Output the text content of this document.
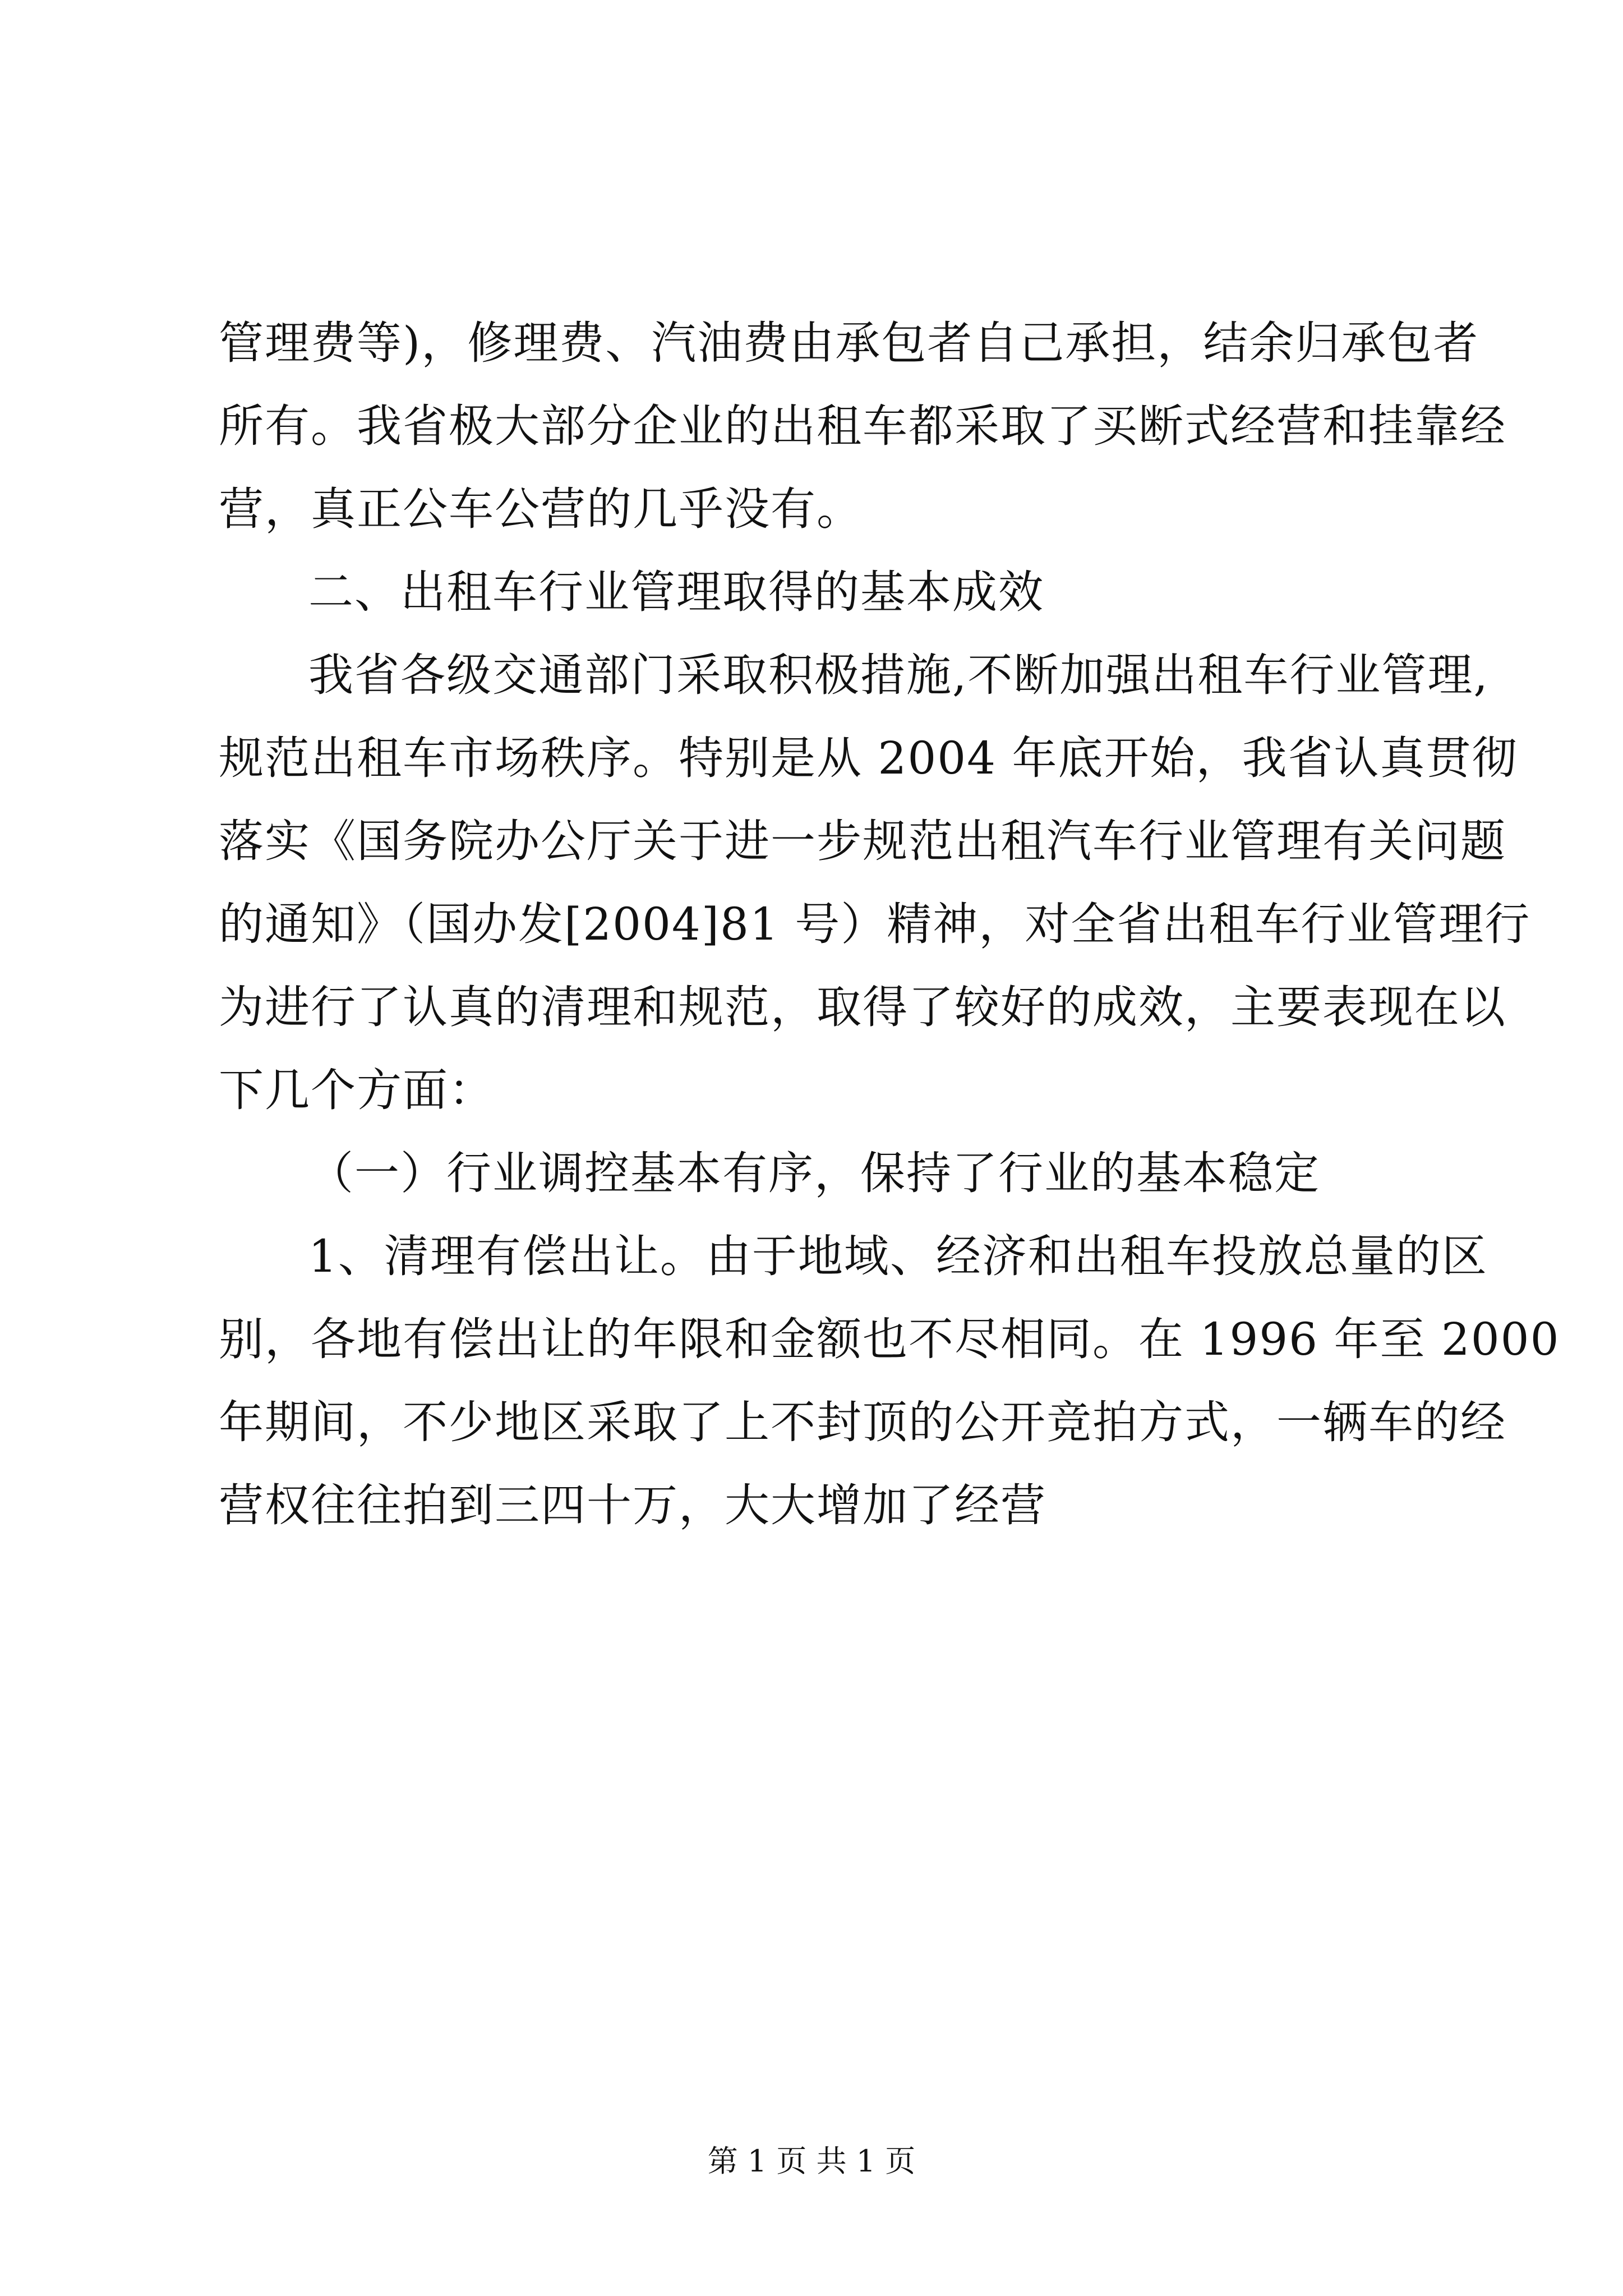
管理费等)，修理费、汽油费由承包者自己承担，结余归承包者
所有。我省极大部分企业的出租车都采取了买断式经营和挂靠经
营，真正公车公营的几乎没有。
二、出租车行业管理取得的基本成效
我省各级交通部门采取积极措施,不断加强出租车行业管理,
规范出租车市场秩序。特别是从 2004 年底开始，我省认真贯彻
落实《国务院办公厅关于进一步规范出租汽车行业管理有关问题
的通知》（国办发[2004]81 号）精神，对全省出租车行业管理行
为进行了认真的清理和规范，取得了较好的成效，主要表现在以
下几个方面：
（一）行业调控基本有序，保持了行业的基本稳定
1、清理有偿出让。由于地域、经济和出租车投放总量的区
别，各地有偿出让的年限和金额也不尽相同。在 1996 年至 2000
年期间，不少地区采取了上不封顶的公开竞拍方式，一辆车的经
营权往往拍到三四十万，大大增加了经营
第 1 页 共 1 页
